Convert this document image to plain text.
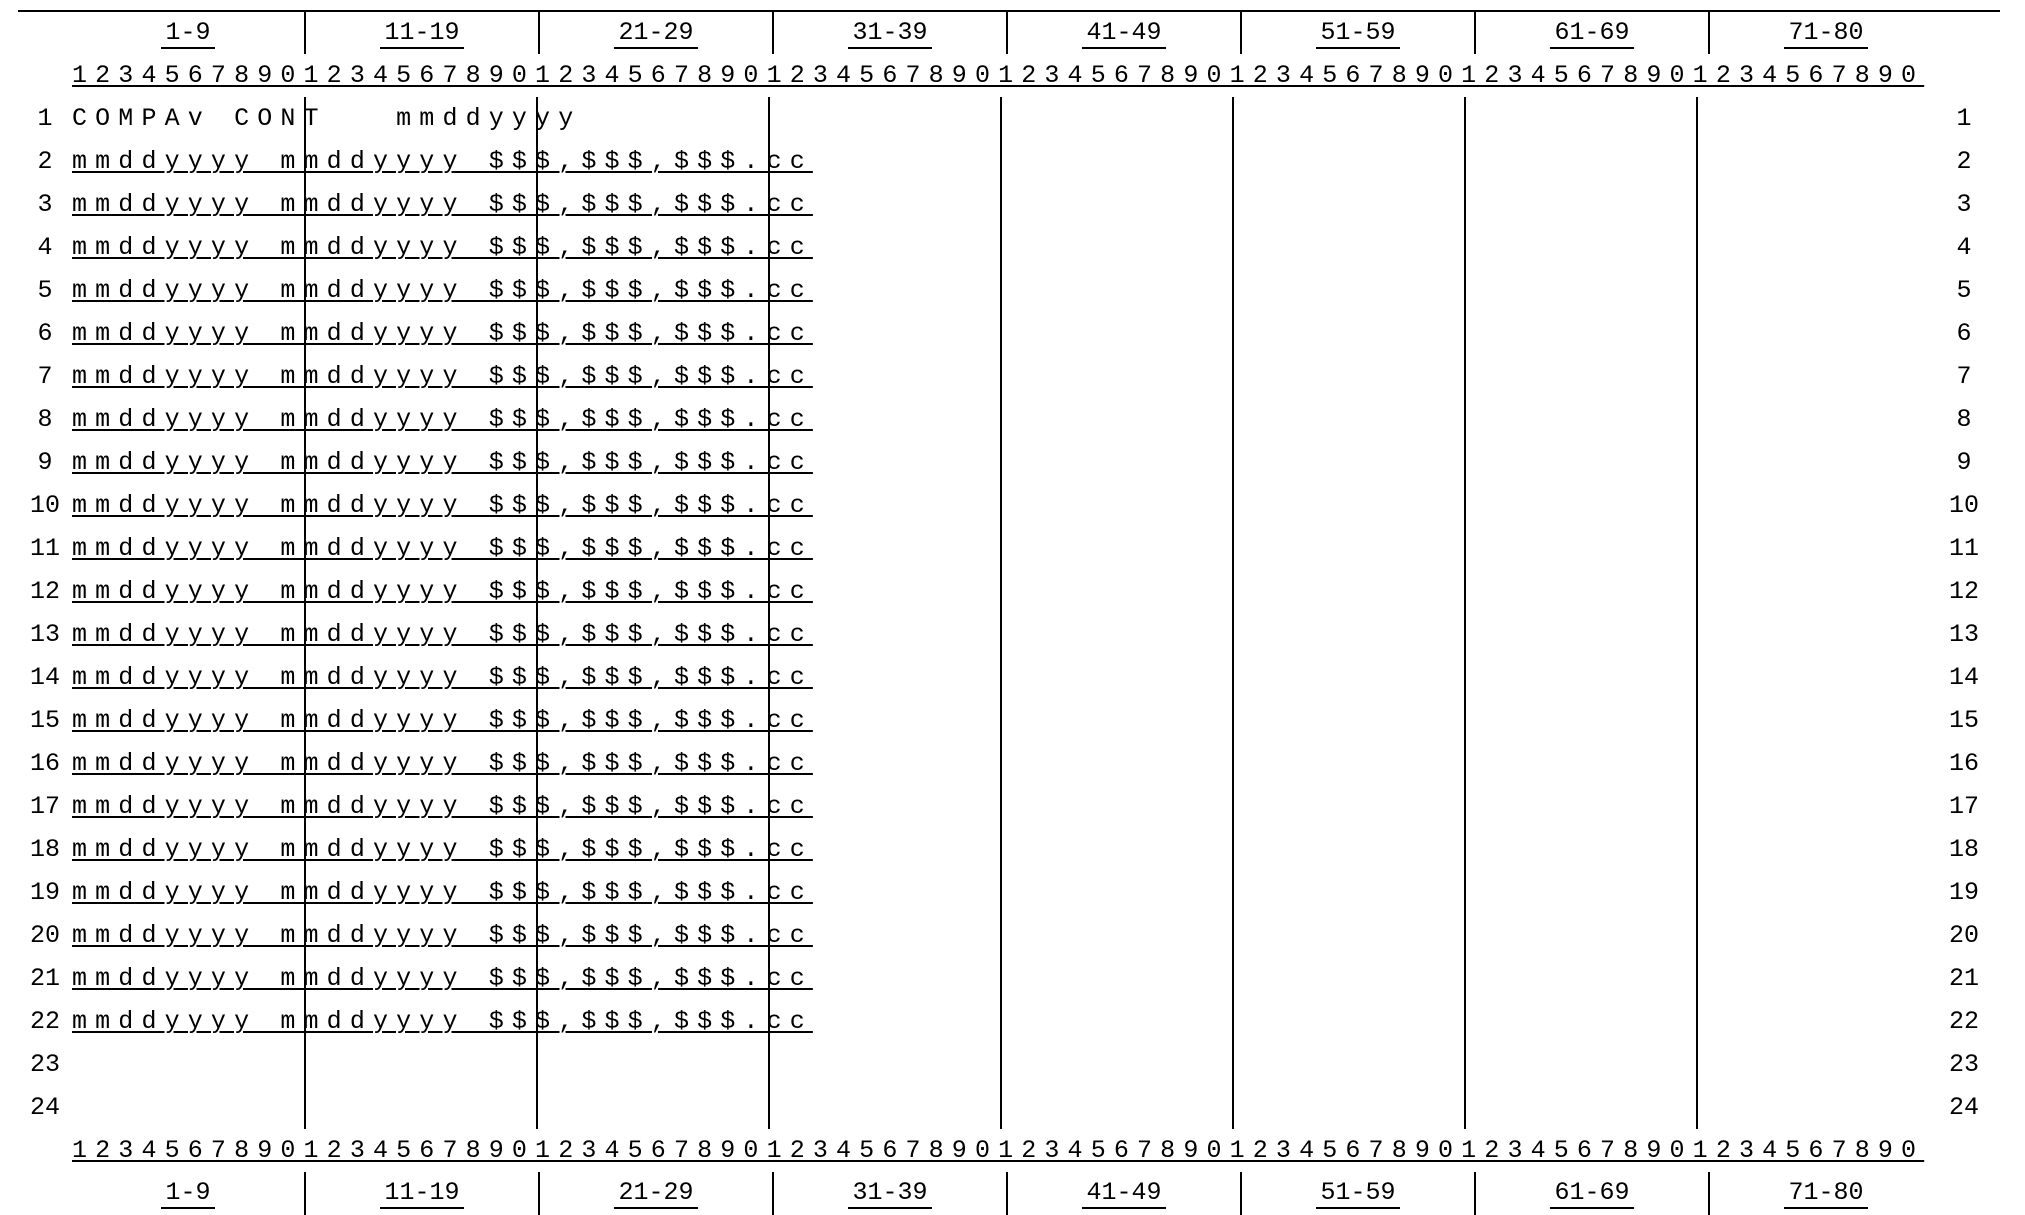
1-9	11-19	21-29	31-39	41-49	51-59	61-69	71-80

	12345678901234567890123456789012345678901234567890123456789012345678901234567890	
1	COMPAv CONT   mmddyyyy	1
2	mmddyyyy mmddyyyy $$$,$$$,$$$.cc	2
3	mmddyyyy mmddyyyy $$$,$$$,$$$.cc	3
4	mmddyyyy mmddyyyy $$$,$$$,$$$.cc	4
5	mmddyyyy mmddyyyy $$$,$$$,$$$.cc	5
6	mmddyyyy mmddyyyy $$$,$$$,$$$.cc	6
7	mmddyyyy mmddyyyy $$$,$$$,$$$.cc	7
8	mmddyyyy mmddyyyy $$$,$$$,$$$.cc	8
9	mmddyyyy mmddyyyy $$$,$$$,$$$.cc	9
10	mmddyyyy mmddyyyy $$$,$$$,$$$.cc	10
11	mmddyyyy mmddyyyy $$$,$$$,$$$.cc	11
12	mmddyyyy mmddyyyy $$$,$$$,$$$.cc	12
13	mmddyyyy mmddyyyy $$$,$$$,$$$.cc	13
14	mmddyyyy mmddyyyy $$$,$$$,$$$.cc	14
15	mmddyyyy mmddyyyy $$$,$$$,$$$.cc	15
16	mmddyyyy mmddyyyy $$$,$$$,$$$.cc	16
17	mmddyyyy mmddyyyy $$$,$$$,$$$.cc	17
18	mmddyyyy mmddyyyy $$$,$$$,$$$.cc	18
19	mmddyyyy mmddyyyy $$$,$$$,$$$.cc	19
20	mmddyyyy mmddyyyy $$$,$$$,$$$.cc	20
21	mmddyyyy mmddyyyy $$$,$$$,$$$.cc	21
22	mmddyyyy mmddyyyy $$$,$$$,$$$.cc	22
23		23
24		24
	12345678901234567890123456789012345678901234567890123456789012345678901234567890	

1-9	11-19	21-29	31-39	41-49	51-59	61-69	71-80
